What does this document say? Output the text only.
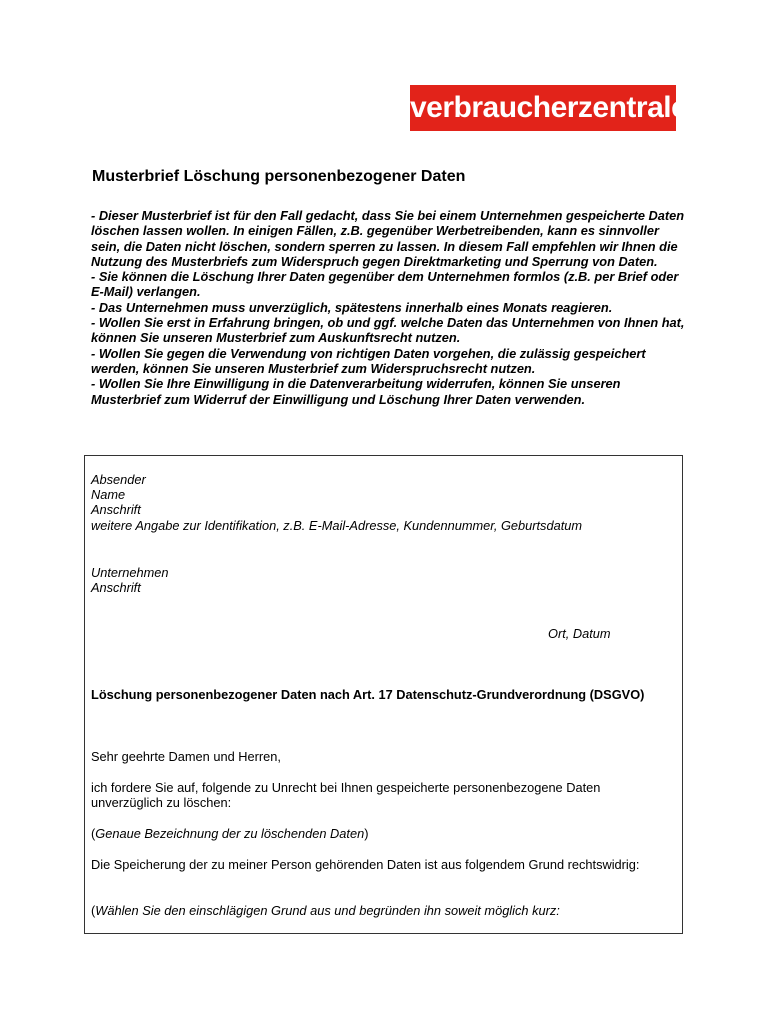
verbraucherzentrale
Musterbrief Löschung personenbezogener Daten

- Dieser Musterbrief ist für den Fall gedacht, dass Sie bei einem Unternehmen gespeicherte Daten löschen lassen wollen. In einigen Fällen, z.B. gegenüber Werbetreibenden, kann es sinnvoller sein, die Daten nicht löschen, sondern sperren zu lassen. In diesem Fall empfehlen wir Ihnen die Nutzung des Musterbriefs zum Widerspruch gegen Direktmarketing und Sperrung von Daten.

- Sie können die Löschung Ihrer Daten gegenüber dem Unternehmen formlos (z.B. per Brief oder E-Mail) verlangen.

- Das Unternehmen muss unverzüglich, spätestens innerhalb eines Monats reagieren.

- Wollen Sie erst in Erfahrung bringen, ob und ggf. welche Daten das Unternehmen von Ihnen hat, können Sie unseren Musterbrief zum Auskunftsrecht nutzen.

- Wollen Sie gegen die Verwendung von richtigen Daten vorgehen, die zulässig gespeichert werden, können Sie unseren Musterbrief zum Widerspruchsrecht nutzen.

- Wollen Sie Ihre Einwilligung in die Datenverarbeitung widerrufen, können Sie unseren Musterbrief zum Widerruf der Einwilligung und Löschung Ihrer Daten verwenden.

Absender
Name
Anschrift
weitere Angabe zur Identifikation, z.B. E-Mail-Adresse, Kundennummer, Geburtsdatum
Unternehmen
Anschrift
Ort, Datum
Löschung personenbezogener Daten nach Art. 17 Datenschutz-Grundverordnung (DSGVO)
Sehr geehrte Damen und Herren,
ich fordere Sie auf, folgende zu Unrecht bei Ihnen gespeicherte personenbezogene Daten unverzüglich zu löschen:
(Genaue Bezeichnung der zu löschenden Daten)
Die Speicherung der zu meiner Person gehörenden Daten ist aus folgendem Grund rechtswidrig:
(Wählen Sie den einschlägigen Grund aus und begründen ihn soweit möglich kurz:
